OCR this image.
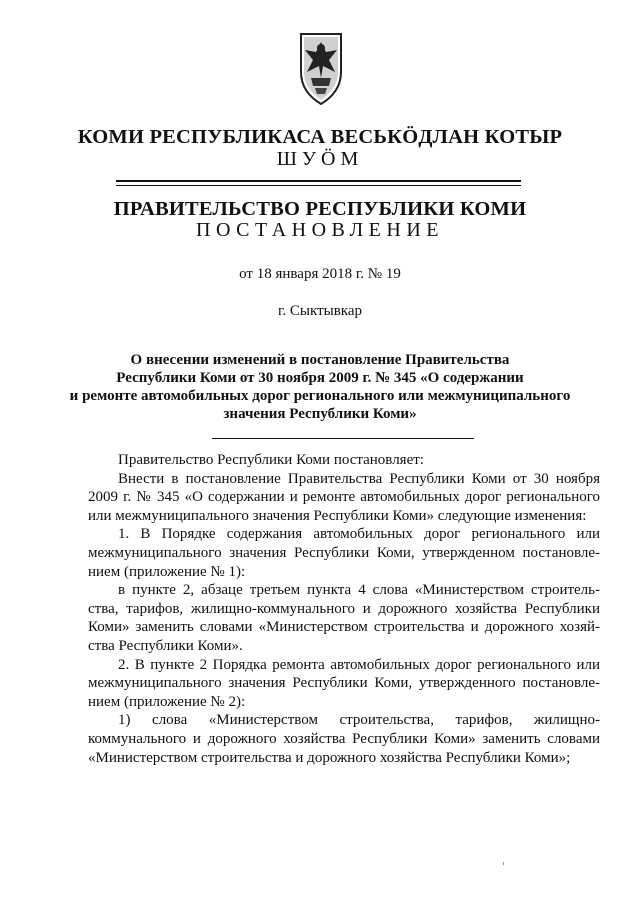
КОМИ РЕСПУБЛИКАСА ВЕСЬКӦДЛАН КОТЫР
ШУӦМ
ПРАВИТЕЛЬСТВО РЕСПУБЛИКИ КОМИ
ПОСТАНОВЛЕНИЕ
от 18 января 2018 г. № 19
г. Сыктывкар
О внесении изменений в постановление Правительства
Республики Коми от 30 ноября 2009 г. № 345 «О содержании
и ремонте автомобильных дорог регионального или межмуниципального
значения Республики Коми»
Правительство Республики Коми постановляет:
Внести в постановление Правительства Республики Коми от 30 ноября
2009 г. № 345 «О содержании и ремонте автомобильных дорог регионального
или межмуниципального значения Республики Коми» следующие изменения:
1. В Порядке содержания автомобильных дорог регионального или
межмуниципального значения Республики Коми, утвержденном постановле-
нием (приложение № 1):
в пункте 2, абзаце третьем пункта 4 слова «Министерством строитель-
ства, тарифов, жилищно-коммунального и дорожного хозяйства Республики
Коми» заменить словами «Министерством строительства и дорожного хозяй-
ства Республики Коми».
2. В пункте 2 Порядка ремонта автомобильных дорог регионального или
межмуниципального значения Республики Коми, утвержденного постановле-
нием (приложение № 2):
1) слова «Министерством строительства, тарифов, жилищно-
коммунального и дорожного хозяйства Республики Коми» заменить словами
«Министерством строительства и дорожного хозяйства Республики Коми»;
